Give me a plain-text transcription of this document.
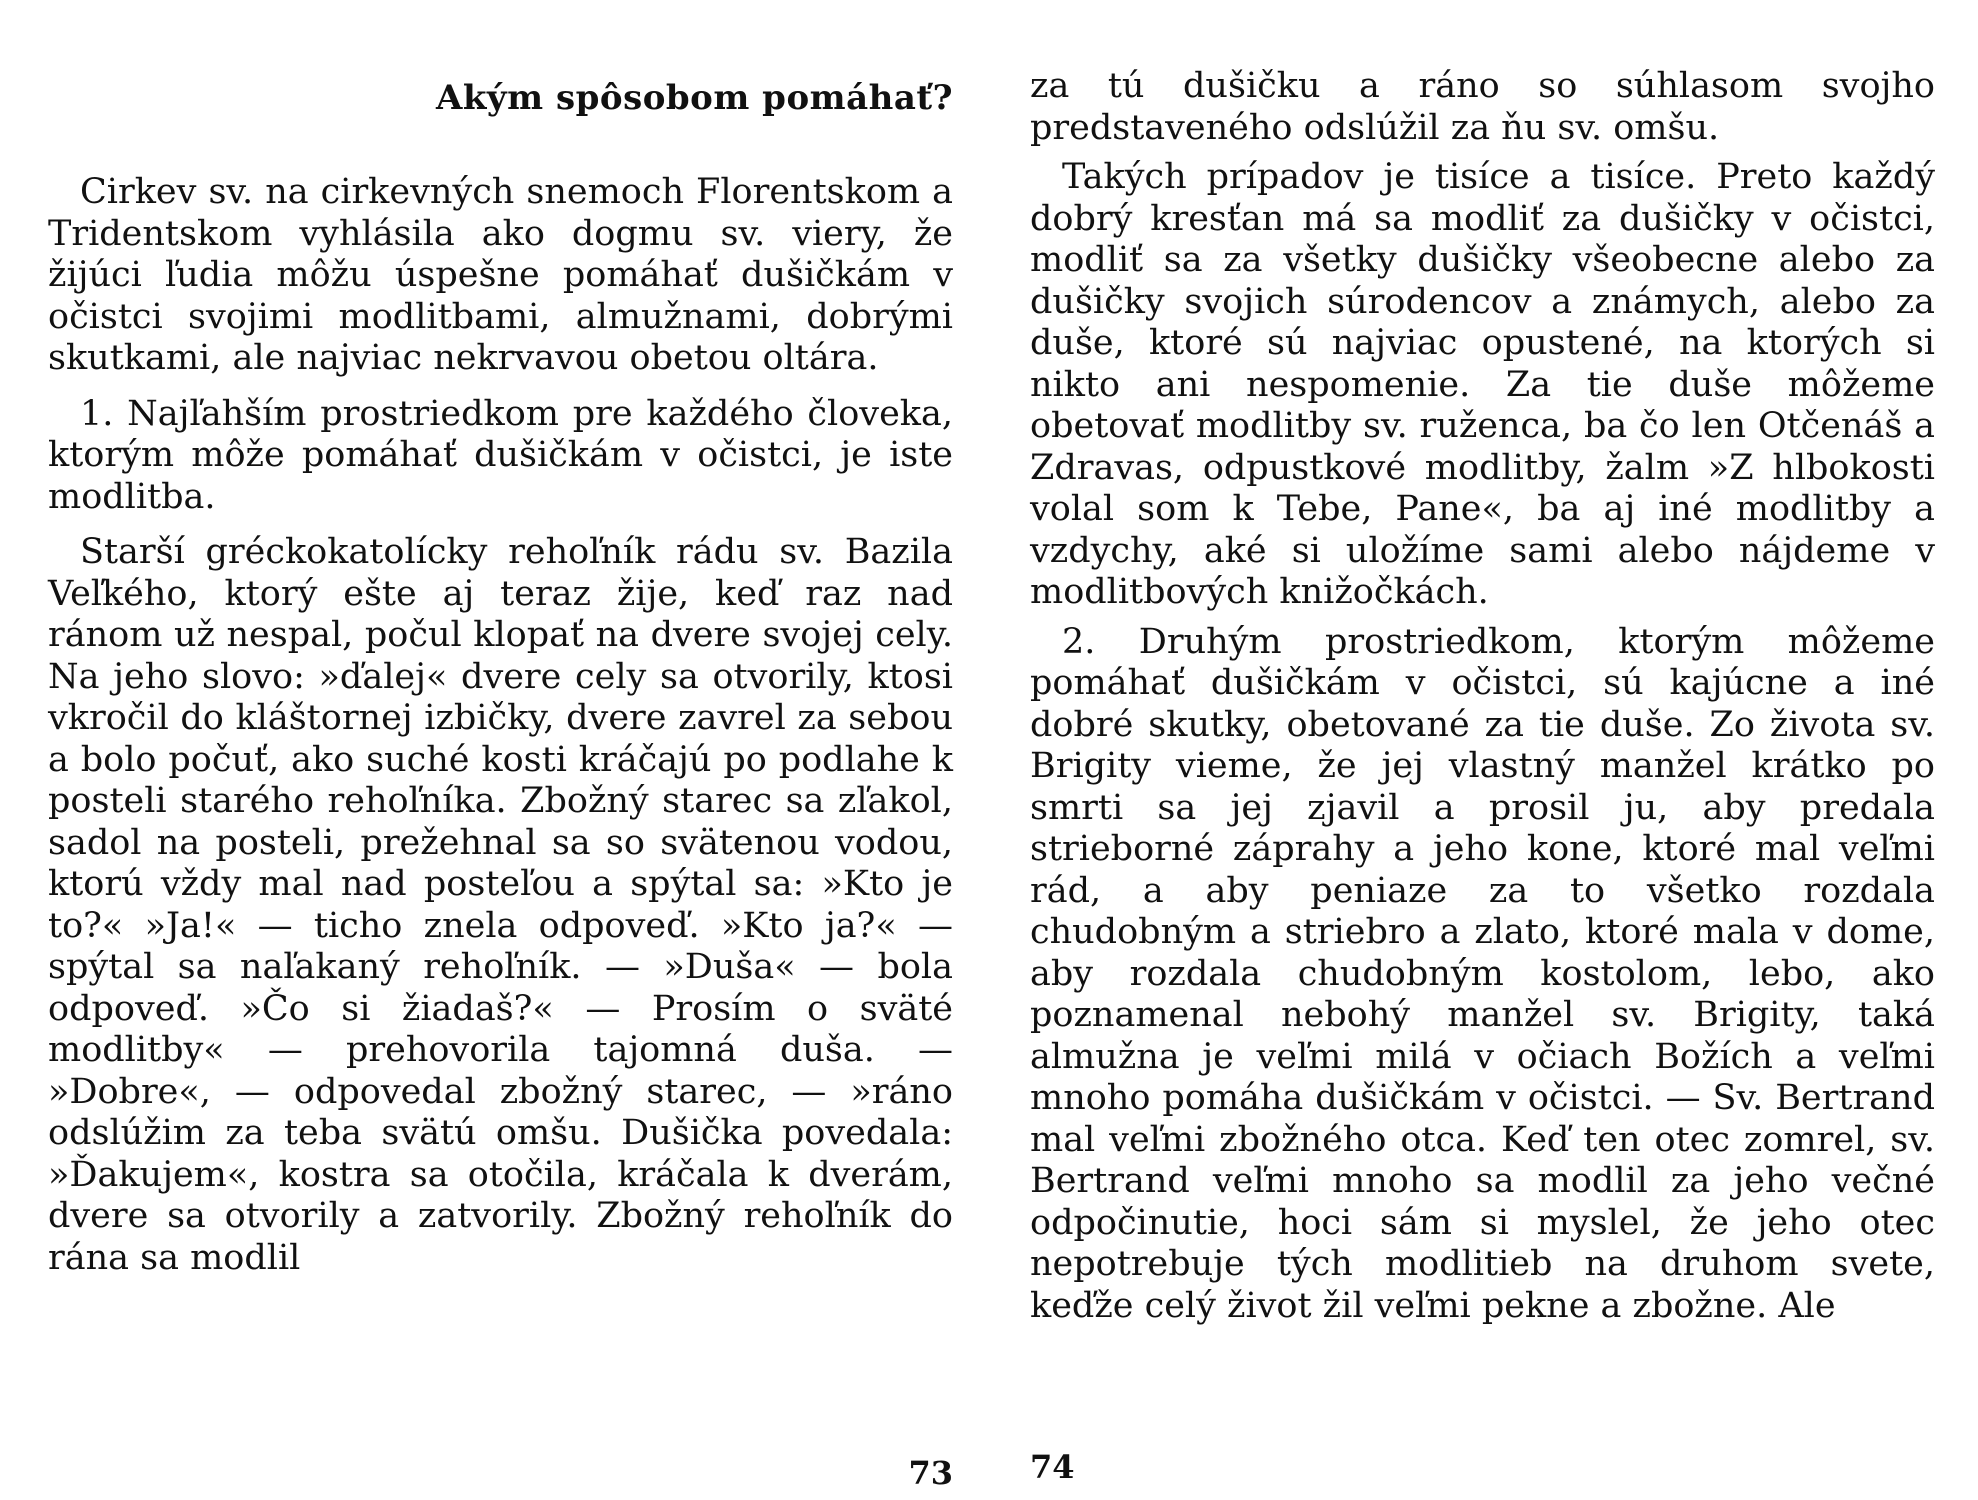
Akým spôsobom pomáhať?

Cirkev sv. na cirkevných snemoch Florentskom a Tridentskom vyhlásila ako dogmu sv. viery, že žijúci ľudia môžu úspešne pomáhať dušičkám v očistci svojimi modlitbami, almužnami, dobrými skutkami, ale najviac nekrvavou obetou oltára.

1. Najľahším prostriedkom pre každého človeka, ktorým môže pomáhať dušičkám v očistci, je iste modlitba.

Starší gréckokatolícky rehoľník rádu sv. Bazila Veľkého, ktorý ešte aj teraz žije, keď raz nad ránom už nespal, počul klopať na dvere svojej cely. Na jeho slovo: »ďalej« dvere cely sa otvorily, ktosi vkročil do kláštornej izbičky, dvere zavrel za sebou a bolo počuť, ako suché kosti kráčajú po podlahe k posteli starého rehoľníka. Zbožný starec sa zľakol, sadol na posteli, prežehnal sa so svätenou vodou, ktorú vždy mal nad posteľou a spýtal sa: »Kto je to?« »Ja!« — ticho znela odpoveď. »Kto ja?« — spýtal sa naľakaný rehoľník. — »Duša« — bola odpoveď. »Čo si žiadaš?« — Prosím o sväté modlitby« — prehovorila tajomná duša. — »Dobre«, — odpovedal zbožný starec, — »ráno odslúžim za teba svätú omšu. Dušička povedala: »Ďakujem«, kostra sa otočila, kráčala k dverám, dvere sa otvorily a zatvorily. Zbožný rehoľník do rána sa modlil

73

za tú dušičku a ráno so súhlasom svojho predstaveného odslúžil za ňu sv. omšu.

Takých prípadov je tisíce a tisíce. Preto každý dobrý kresťan má sa modliť za dušičky v očistci, modliť sa za všetky dušičky všeobecne alebo za dušičky svojich súrodencov a známych, alebo za duše, ktoré sú najviac opustené, na ktorých si nikto ani nespomenie. Za tie duše môžeme obetovať modlitby sv. ruženca, ba čo len Otčenáš a Zdravas, odpustkové modlitby, žalm »Z hlbokosti volal som k Tebe, Pane«, ba aj iné modlitby a vzdychy, aké si uložíme sami alebo nájdeme v modlitbových knižočkách.

2. Druhým prostriedkom, ktorým môžeme pomáhať dušičkám v očistci, sú kajúcne a iné dobré skutky, obetované za tie duše. Zo života sv. Brigity vieme, že jej vlastný manžel krátko po smrti sa jej zjavil a prosil ju, aby predala strieborné záprahy a jeho kone, ktoré mal veľmi rád, a aby peniaze za to všetko rozdala chudobným a striebro a zlato, ktoré mala v dome, aby rozdala chudobným kostolom, lebo, ako poznamenal nebohý manžel sv. Brigity, taká almužna je veľmi milá v očiach Božích a veľmi mnoho pomáha dušičkám v očistci. — Sv. Bertrand mal veľmi zbožného otca. Keď ten otec zomrel, sv. Bertrand veľmi mnoho sa modlil za jeho večné odpočinutie, hoci sám si myslel, že jeho otec nepotrebuje tých modlitieb na druhom svete, keďže celý život žil veľmi pekne a zbožne. Ale

74
